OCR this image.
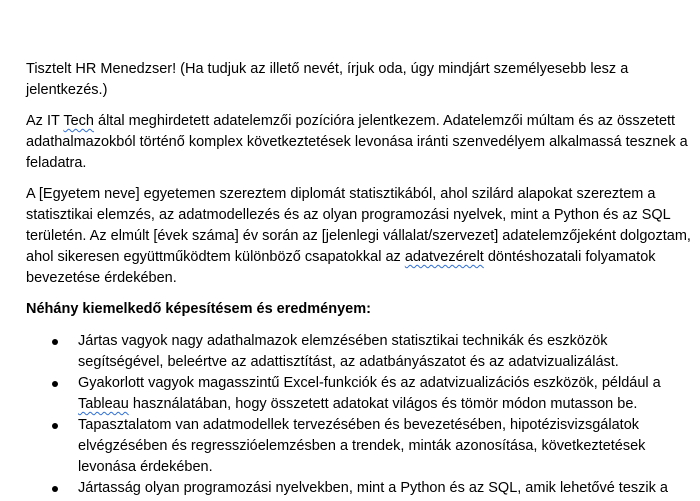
Tisztelt HR Menedzser! (Ha tudjuk az illető nevét, írjuk oda, úgy mindjárt személyesebb lesz a jelentkezés.)

Az IT Tech által meghirdetett adatelemzői pozícióra jelentkezem. Adatelemzői múltam és az összetett adathalmazokból történő komplex következtetések levonása iránti szenvedélyem alkalmassá tesznek a feladatra.

A [Egyetem neve] egyetemen szereztem diplomát statisztikából, ahol szilárd alapokat szereztem a statisztikai elemzés, az adatmodellezés és az olyan programozási nyelvek, mint a Python és az SQL területén. Az elmúlt [évek száma] év során az [jelenlegi vállalat/szervezet] adatelemzőjeként dolgoztam, ahol sikeresen együttműködtem különböző csapatokkal az adatvezérelt döntéshozatali folyamatok bevezetése érdekében.

Néhány kiemelkedő képesítésem és eredményem:

Jártas vagyok nagy adathalmazok elemzésében statisztikai technikák és eszközök segítségével, beleértve az adattisztítást, az adatbányászatot és az adatvizualizálást.
Gyakorlott vagyok magasszintű Excel-funkciók és az adatvizualizációs eszközök, például a Tableau használatában, hogy összetett adatokat világos és tömör módon mutasson be.
Tapasztalatom van adatmodellek tervezésében és bevezetésében, hipotézisvizsgálatok elvégzésében és regresszióelemzésben a trendek, minták azonosítása, következtetések levonása érdekében.
Jártasság olyan programozási nyelvekben, mint a Python és az SQL, amik lehetővé teszik a
